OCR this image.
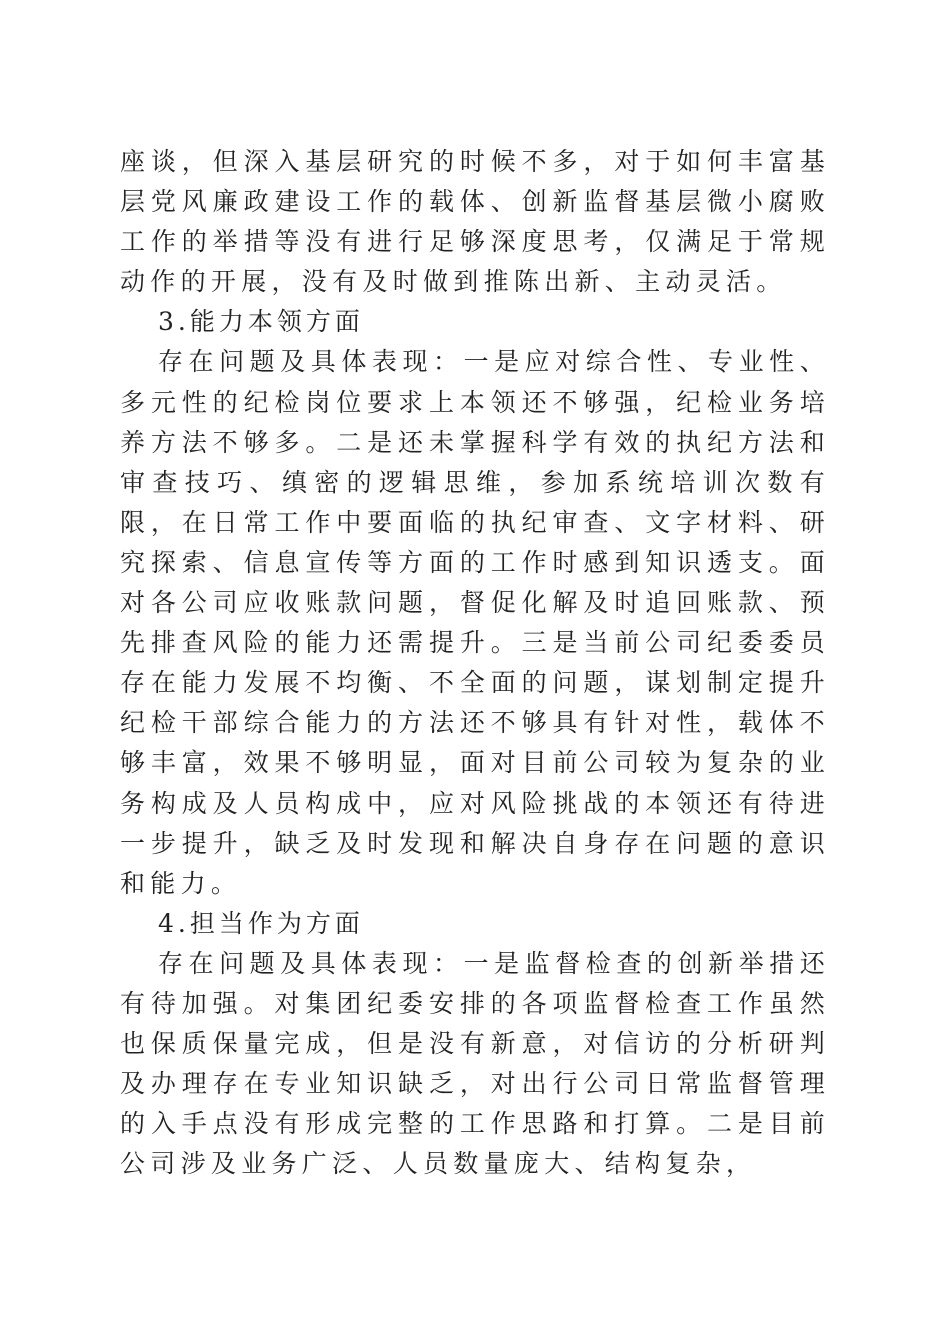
座谈，但深入基层研究的时候不多，对于如何丰富基层党风廉政建设工作的载体、创新监督基层微小腐败工作的举措等没有进行足够深度思考，仅满足于常规动作的开展，没有及时做到推陈出新、主动灵活。

3.能力本领方面

存在问题及具体表现：一是应对综合性、专业性、多元性的纪检岗位要求上本领还不够强，纪检业务培养方法不够多。二是还未掌握科学有效的执纪方法和审查技巧、缜密的逻辑思维，参加系统培训次数有限，在日常工作中要面临的执纪审查、文字材料、研究探索、信息宣传等方面的工作时感到知识透支。面对各公司应收账款问题，督促化解及时追回账款、预先排查风险的能力还需提升。三是当前公司纪委委员存在能力发展不均衡、不全面的问题，谋划制定提升纪检干部综合能力的方法还不够具有针对性，载体不够丰富，效果不够明显，面对目前公司较为复杂的业务构成及人员构成中，应对风险挑战的本领还有待进一步提升，缺乏及时发现和解决自身存在问题的意识和能力。

4.担当作为方面

存在问题及具体表现：一是监督检查的创新举措还有待加强。对集团纪委安排的各项监督检查工作虽然也保质保量完成，但是没有新意，对信访的分析研判及办理存在专业知识缺乏，对出行公司日常监督管理的入手点没有形成完整的工作思路和打算。二是目前公司涉及业务广泛、人员数量庞大、结构复杂，
